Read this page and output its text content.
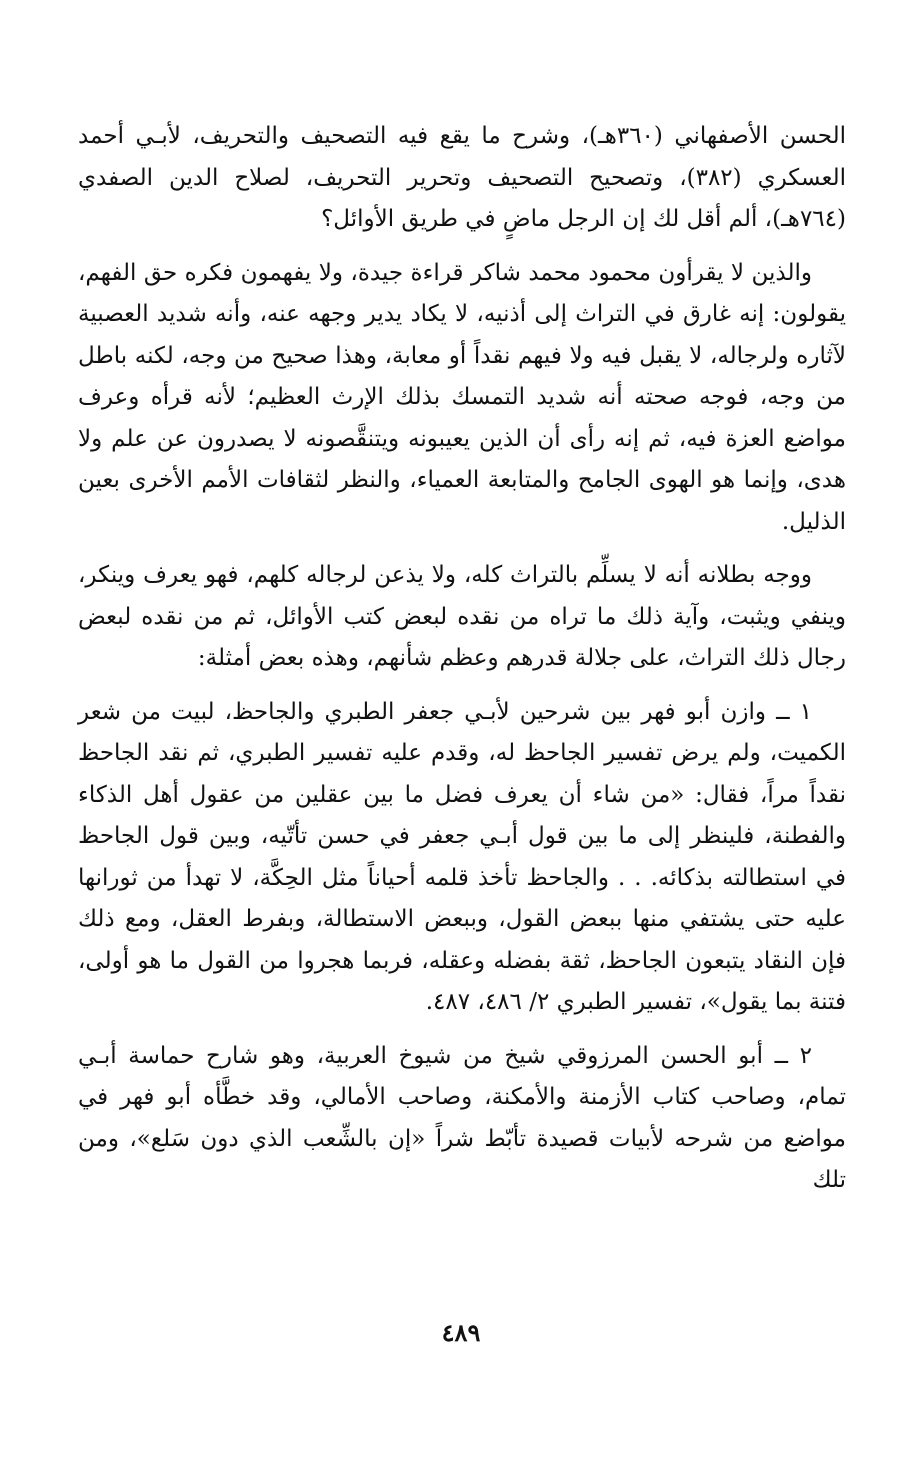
الحسن الأصفهاني (٣٦٠هـ)، وشرح ما يقع فيه التصحيف والتحريف، لأبـي أحمد العسكري (٣٨٢)، وتصحيح التصحيف وتحرير التحريف، لصلاح الدين الصفدي (٧٦٤هـ)، ألم أقل لك إن الرجل ماضٍ في طريق الأوائل؟

والذين لا يقرأون محمود محمد شاكر قراءة جيدة، ولا يفهمون فكره حق الفهم، يقولون: إنه غارق في التراث إلى أذنيه، لا يكاد يدير وجهه عنه، وأنه شديد العصبية لآثاره ولرجاله، لا يقبل فيه ولا فيهم نقداً أو معابة، وهذا صحيح من وجه، لكنه باطل من وجه، فوجه صحته أنه شديد التمسك بذلك الإرث العظيم؛ لأنه قرأه وعرف مواضع العزة فيه، ثم إنه رأى أن الذين يعيبونه ويتنقَّصونه لا يصدرون عن علم ولا هدى، وإنما هو الهوى الجامح والمتابعة العمياء، والنظر لثقافات الأمم الأخرى بعين الذليل.

ووجه بطلانه أنه لا يسلِّم بالتراث كله، ولا يذعن لرجاله كلهم، فهو يعرف وينكر، وينفي ويثبت، وآية ذلك ما تراه من نقده لبعض كتب الأوائل، ثم من نقده لبعض رجال ذلك التراث، على جلالة قدرهم وعظم شأنهم، وهذه بعض أمثلة:

١ ــ وازن أبو فهر بين شرحين لأبـي جعفر الطبري والجاحظ، لبيت من شعر الكميت، ولم يرض تفسير الجاحظ له، وقدم عليه تفسير الطبري، ثم نقد الجاحظ نقداً مراً، فقال: «من شاء أن يعرف فضل ما بين عقلين من عقول أهل الذكاء والفطنة، فلينظر إلى ما بين قول أبـي جعفر في حسن تأتّيه، وبين قول الجاحظ في استطالته بذكائه. . . والجاحظ تأخذ قلمه أحياناً مثل الحِكَّة، لا تهدأ من ثورانها عليه حتى يشتفي منها ببعض القول، وببعض الاستطالة، وبفرط العقل، ومع ذلك فإن النقاد يتبعون الجاحظ، ثقة بفضله وعقله، فربما هجروا من القول ما هو أولى، فتنة بما يقول»، تفسير الطبري ٢/ ٤٨٦، ٤٨٧.

٢ ــ أبو الحسن المرزوقي شيخ من شيوخ العربية، وهو شارح حماسة أبـي تمام، وصاحب كتاب الأزمنة والأمكنة، وصاحب الأمالي، وقد خطَّأه أبو فهر في مواضع من شرحه لأبيات قصيدة تأبّط شراً «إن بالشِّعب الذي دون سَلع»، ومن تلك

٤٨٩
